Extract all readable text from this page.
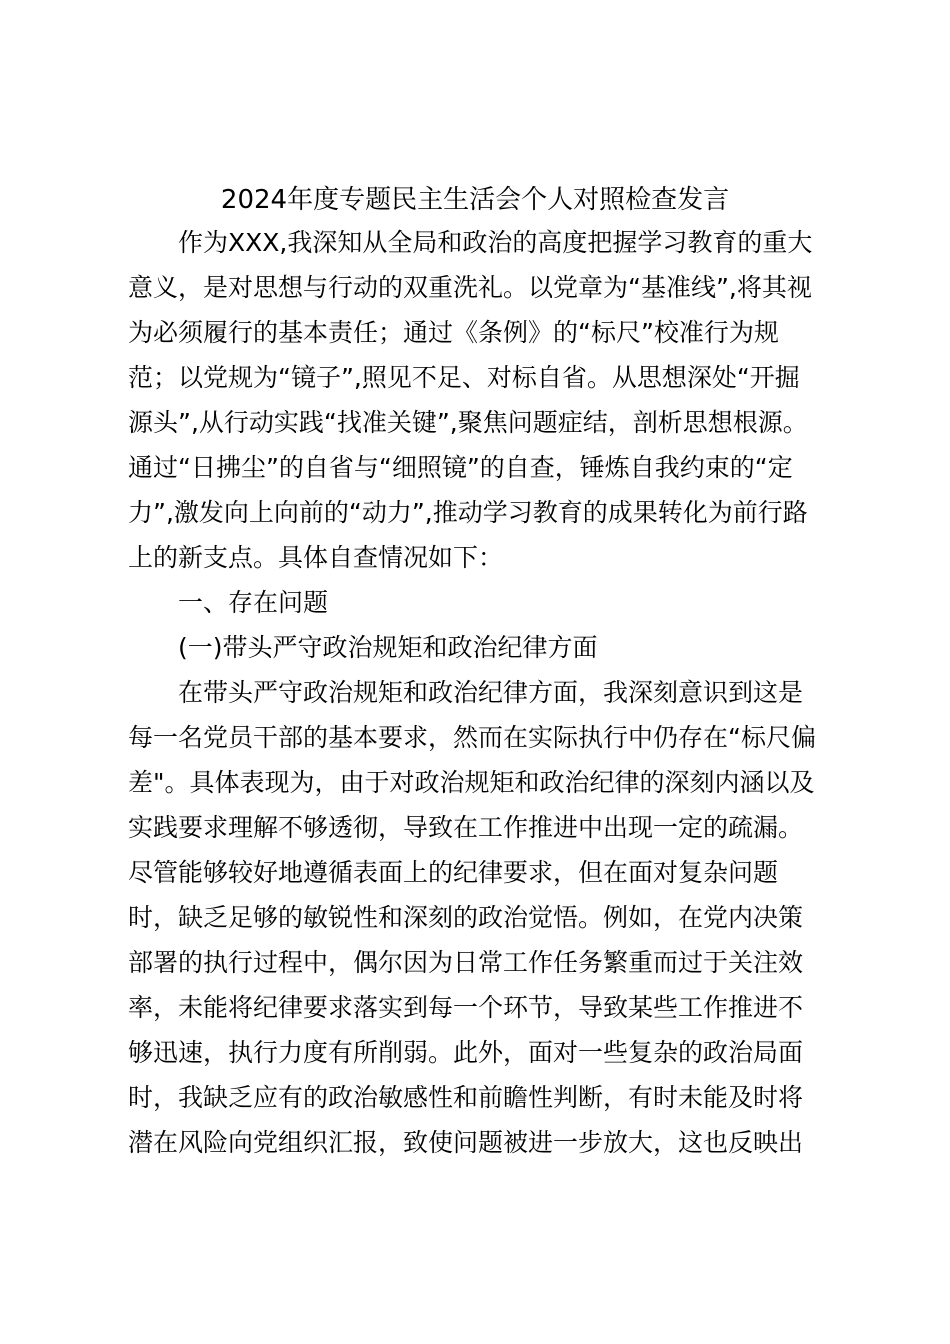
2024年度专题民主生活会个人对照检查发言
作为XXX,我深知从全局和政治的高度把握学习教育的重大
意义，是对思想与行动的双重洗礼。以党章为“基准线”,将其视
为必须履行的基本责任；通过《条例》的“标尺”校准行为规
范；以党规为“镜子”,照见不足、对标自省。从思想深处“开掘
源头”,从行动实践“找准关键”,聚焦问题症结，剖析思想根源。
通过“日拂尘”的自省与“细照镜”的自查，锤炼自我约束的“定
力”,激发向上向前的“动力”,推动学习教育的成果转化为前行路
上的新支点。具体自查情况如下：
一、存在问题
(一)带头严守政治规矩和政治纪律方面
在带头严守政治规矩和政治纪律方面，我深刻意识到这是
每一名党员干部的基本要求，然而在实际执行中仍存在“标尺偏
差"。具体表现为，由于对政治规矩和政治纪律的深刻内涵以及
实践要求理解不够透彻，导致在工作推进中出现一定的疏漏。
尽管能够较好地遵循表面上的纪律要求，但在面对复杂问题
时，缺乏足够的敏锐性和深刻的政治觉悟。例如，在党内决策
部署的执行过程中，偶尔因为日常工作任务繁重而过于关注效
率，未能将纪律要求落实到每一个环节，导致某些工作推进不
够迅速，执行力度有所削弱。此外，面对一些复杂的政治局面
时，我缺乏应有的政治敏感性和前瞻性判断，有时未能及时将
潜在风险向党组织汇报，致使问题被进一步放大，这也反映出
